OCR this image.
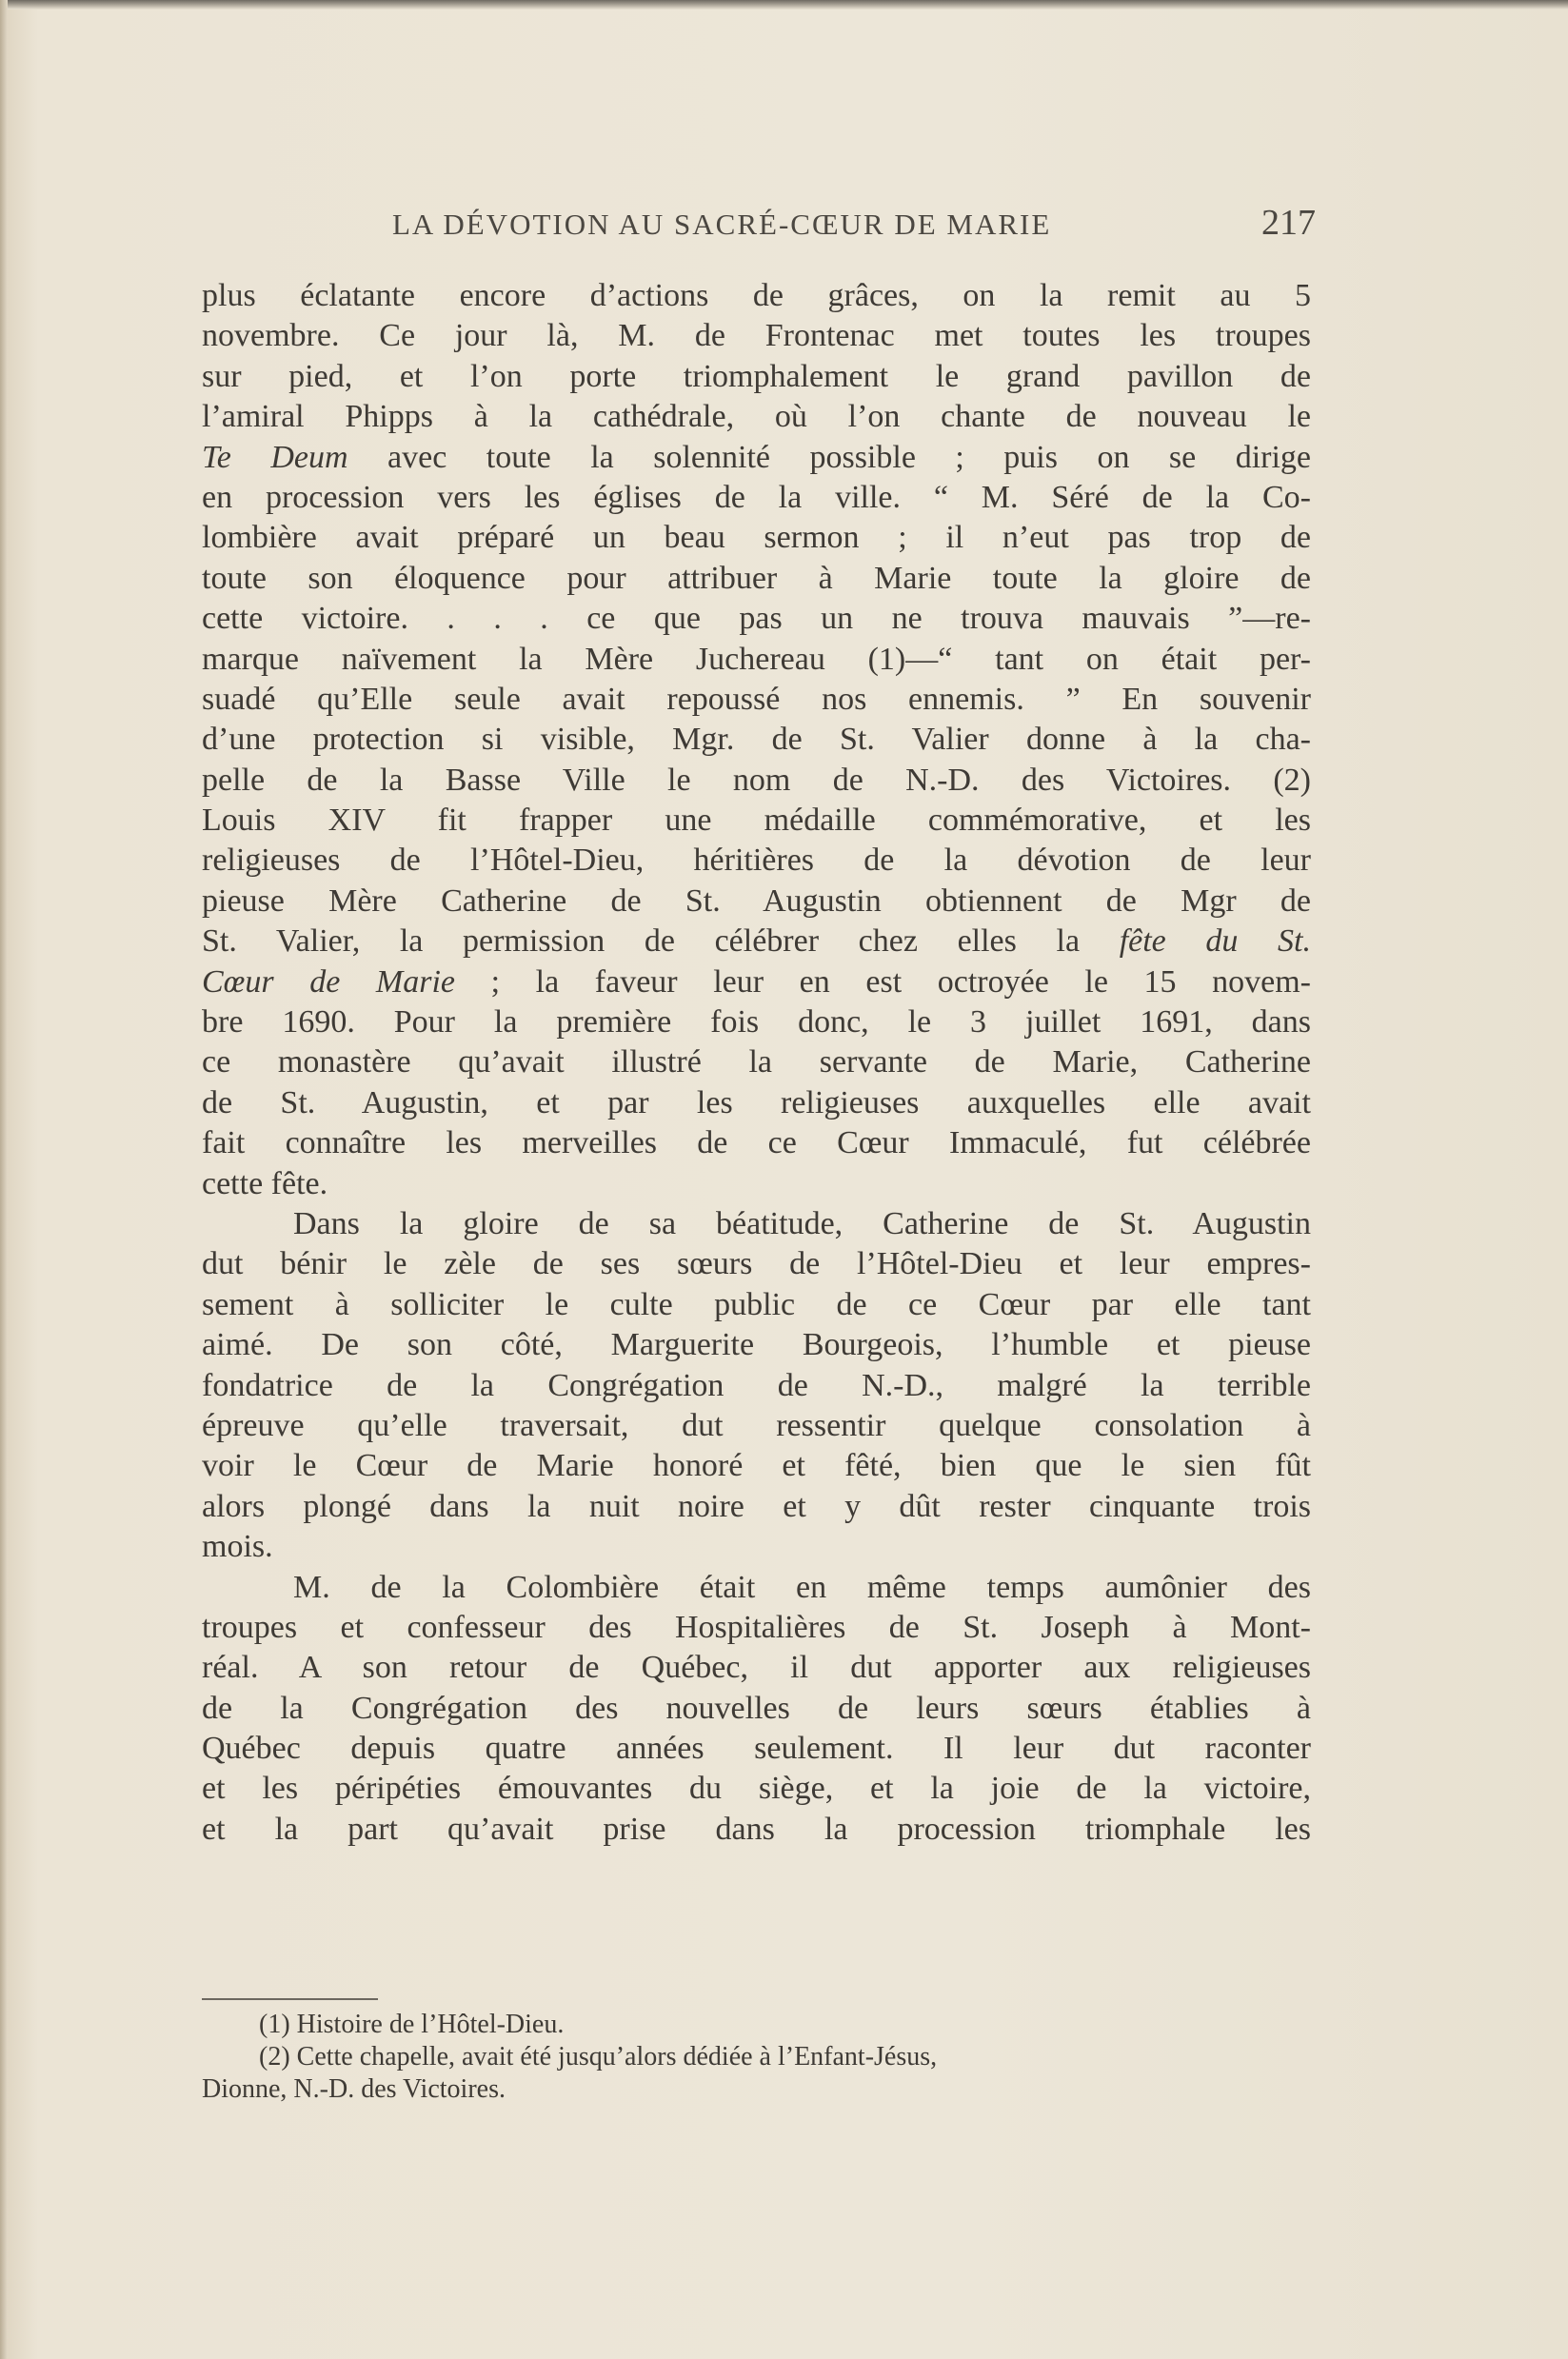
LA DÉVOTION AU SACRÉ-CŒUR DE MARIE	217
plus éclatante encore d’actions de grâces, on la remit au 5
novembre. Ce jour là, M. de Frontenac met toutes les troupes
sur pied, et l’on porte triomphalement le grand pavillon de
l’amiral Phipps à la cathédrale, où l’on chante de nouveau le
Te Deum avec toute la solennité possible ; puis on se dirige
en procession vers les églises de la ville. “ M. Séré de la Co-
lombière avait préparé un beau sermon ; il n’eut pas trop de
toute son éloquence pour attribuer à Marie toute la gloire de
cette victoire. . . . ce que pas un ne trouva mauvais ”—re-
marque naïvement la Mère Juchereau (1)—“ tant on était per-
suadé qu’Elle seule avait repoussé nos ennemis. ” En souvenir
d’une protection si visible, Mgr. de St. Valier donne à la cha-
pelle de la Basse Ville le nom de N.-D. des Victoires. (2)
Louis XIV fit frapper une médaille commémorative, et les
religieuses de l’Hôtel-Dieu, héritières de la dévotion de leur
pieuse Mère Catherine de St. Augustin obtiennent de Mgr de
St. Valier, la permission de célébrer chez elles la fête du St.
Cœur de Marie ; la faveur leur en est octroyée le 15 novem-
bre 1690. Pour la première fois donc, le 3 juillet 1691, dans
ce monastère qu’avait illustré la servante de Marie, Catherine
de St. Augustin, et par les religieuses auxquelles elle avait
fait connaître les merveilles de ce Cœur Immaculé, fut célébrée
cette fête.
Dans la gloire de sa béatitude, Catherine de St. Augustin
dut bénir le zèle de ses sœurs de l’Hôtel-Dieu et leur empres-
sement à solliciter le culte public de ce Cœur par elle tant
aimé. De son côté, Marguerite Bourgeois, l’humble et pieuse
fondatrice de la Congrégation de N.-D., malgré la terrible
épreuve qu’elle traversait, dut ressentir quelque consolation à
voir le Cœur de Marie honoré et fêté, bien que le sien fût
alors plongé dans la nuit noire et y dût rester cinquante trois
mois.
M. de la Colombière était en même temps aumônier des
troupes et confesseur des Hospitalières de St. Joseph à Mont-
réal. A son retour de Québec, il dut apporter aux religieuses
de la Congrégation des nouvelles de leurs sœurs établies à
Québec depuis quatre années seulement. Il leur dut raconter
et les péripéties émouvantes du siège, et la joie de la victoire,
et la part qu’avait prise dans la procession triomphale les
(1) Histoire de l’Hôtel-Dieu.
(2) Cette chapelle, avait été jusqu’alors dédiée à l’Enfant-Jésus,
Dionne, N.-D. des Victoires.
